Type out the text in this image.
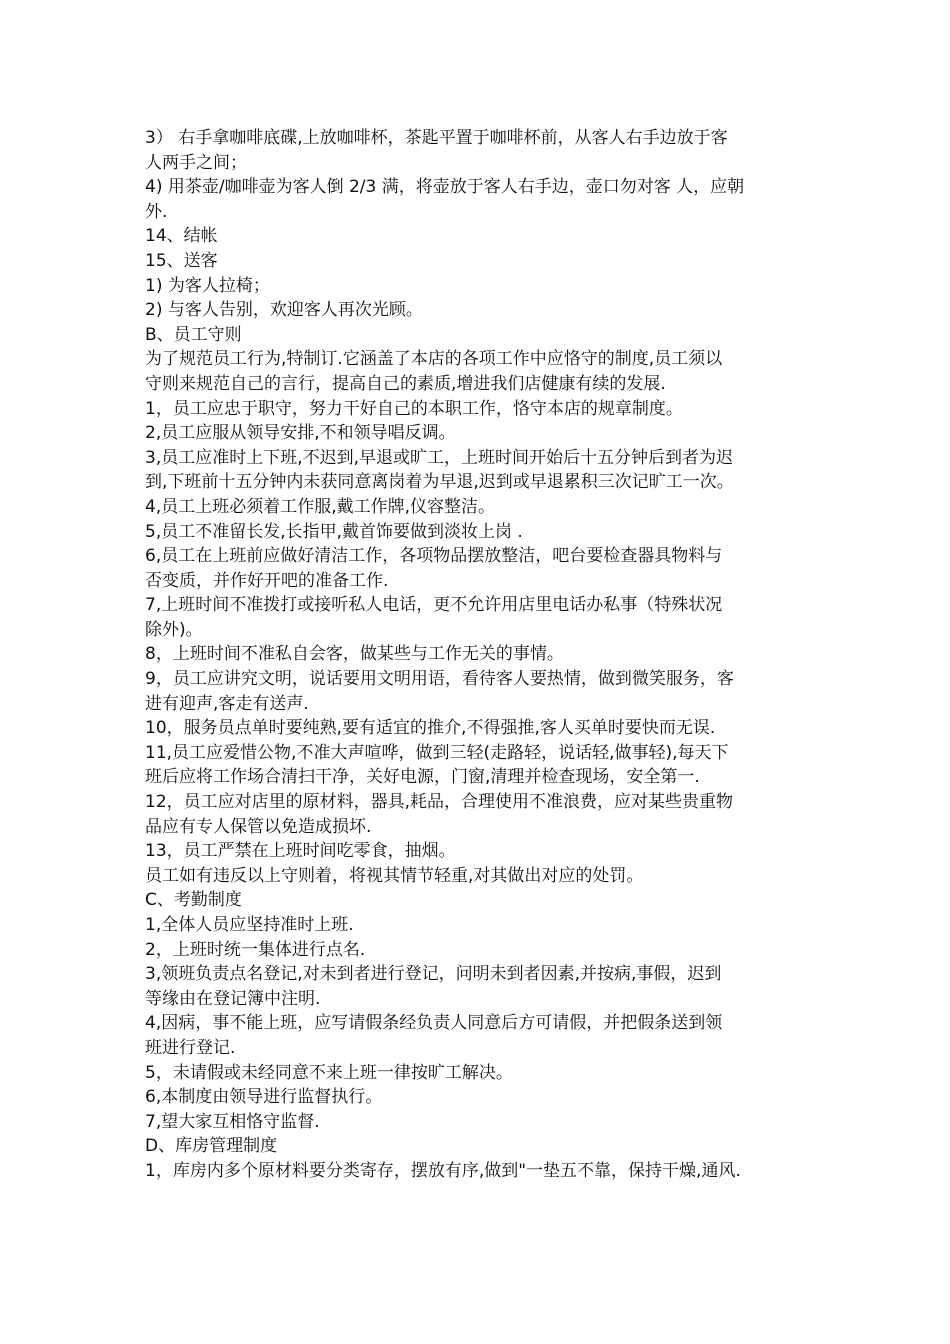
3） 右手拿咖啡底碟,上放咖啡杯，茶匙平置于咖啡杯前，从客人右手边放于客
人两手之间；
4) 用茶壶/咖啡壶为客人倒 2/3 满，将壶放于客人右手边，壶口勿对客 人，应朝
外.
14、结帐
15、送客
1) 为客人拉椅；
2) 与客人告别，欢迎客人再次光顾。
B、员工守则
为了规范员工行为,特制订.它涵盖了本店的各项工作中应恪守的制度,员工须以
守则来规范自己的言行，提高自己的素质,增进我们店健康有续的发展.
1，员工应忠于职守，努力干好自己的本职工作，恪守本店的规章制度。
2,员工应服从领导安排,不和领导唱反调。
3,员工应准时上下班,不迟到,早退或旷工，上班时间开始后十五分钟后到者为迟
到,下班前十五分钟内未获同意离岗着为早退,迟到或早退累积三次记旷工一次。
4,员工上班必须着工作服,戴工作牌,仪容整洁。
5,员工不准留长发,长指甲,戴首饰要做到淡妆上岗 .
6,员工在上班前应做好清洁工作，各项物品摆放整洁，吧台要检查器具物料与
否变质，并作好开吧的准备工作.
7,上班时间不准拨打或接听私人电话，更不允许用店里电话办私事（特殊状况
除外)。
8，上班时间不准私自会客，做某些与工作无关的事情。
9，员工应讲究文明，说话要用文明用语，看待客人要热情，做到微笑服务，客
进有迎声,客走有送声.
10，服务员点单时要纯熟,要有适宜的推介,不得强推,客人买单时要快而无误.
11,员工应爱惜公物,不准大声喧哗，做到三轻(走路轻，说话轻,做事轻),每天下
班后应将工作场合清扫干净，关好电源，门窗,清理并检查现场，安全第一.
12，员工应对店里的原材料，器具,耗品，合理使用不准浪费，应对某些贵重物
品应有专人保管以免造成损坏.
13，员工严禁在上班时间吃零食，抽烟。
员工如有违反以上守则着，将视其情节轻重,对其做出对应的处罚。
C、考勤制度
1,全体人员应坚持准时上班.
2，上班时统一集体进行点名.
3,领班负责点名登记,对未到者进行登记，问明未到者因素,并按病,事假，迟到
等缘由在登记簿中注明.
4,因病，事不能上班，应写请假条经负责人同意后方可请假，并把假条送到领
班进行登记.
5，未请假或未经同意不来上班一律按旷工解决。
6,本制度由领导进行监督执行。
7,望大家互相恪守监督.
D、库房管理制度
1，库房内多个原材料要分类寄存，摆放有序,做到"一垫五不靠，保持干燥,通风.
